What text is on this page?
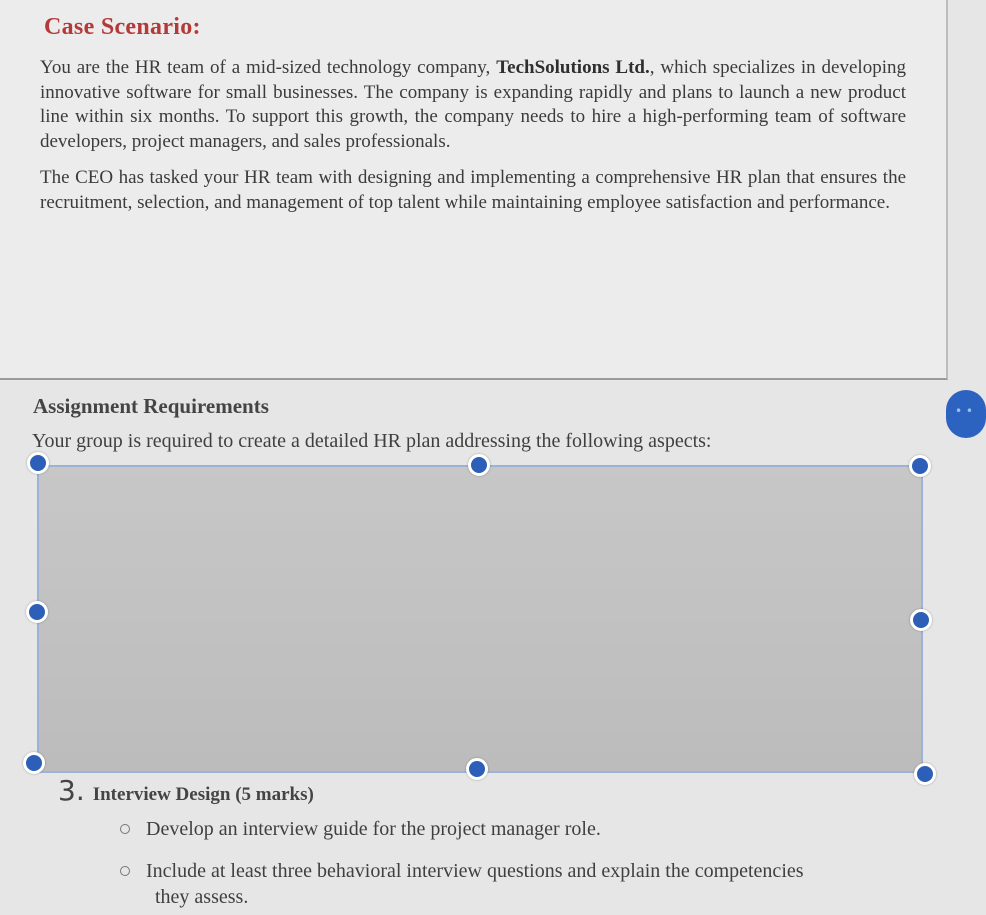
Case Scenario:

You are the HR team of a mid-sized technology company, TechSolutions Ltd., which specializes in developing innovative software for small businesses. The company is expanding rapidly and plans to launch a new product line within six months. To support this growth, the company needs to hire a high-performing team of software developers, project managers, and sales professionals.

The CEO has tasked your HR team with designing and implementing a comprehensive HR plan that ensures the recruitment, selection, and management of top talent while maintaining employee satisfaction and performance.

Assignment Requirements
Your group is required to create a detailed HR plan addressing the following aspects:
• •
3. Interview Design (5 marks)
Develop an interview guide for the project manager role.
Include at least three behavioral interview questions and explain the competencies
they assess.
